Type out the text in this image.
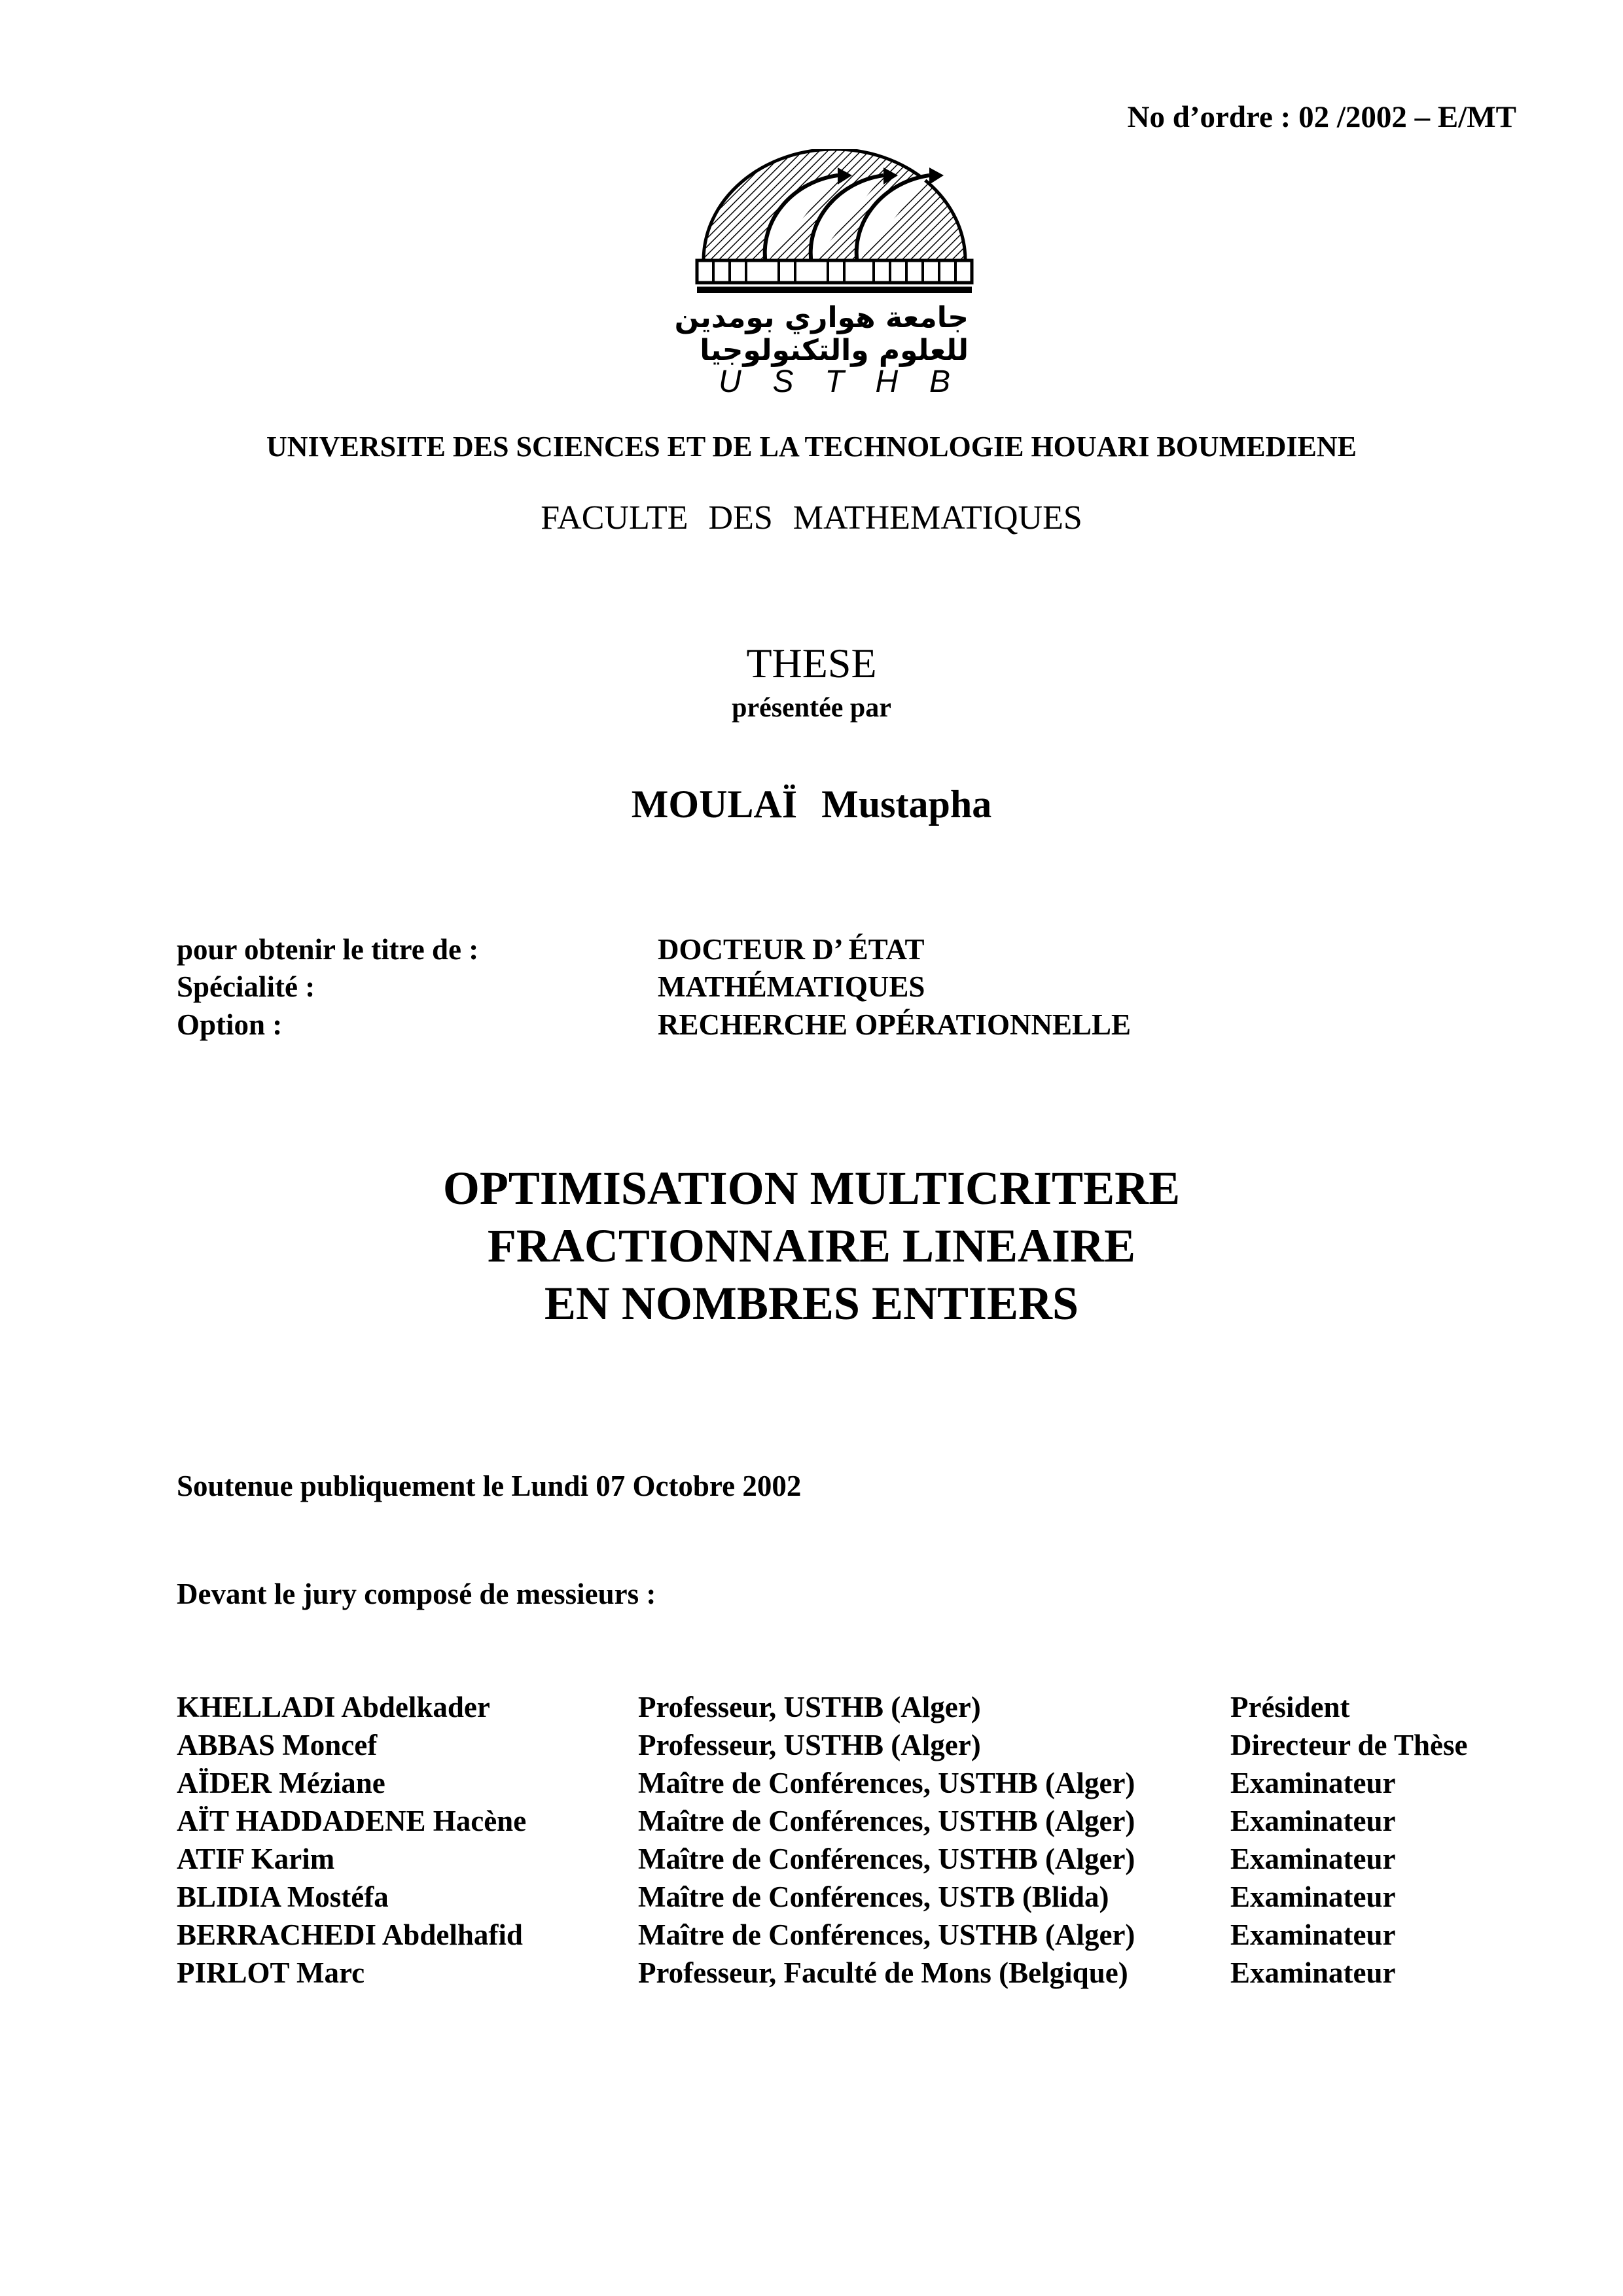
No d’ordre : 02 /2002 – E/MT
جامعة هواري بومدين
للعلوم والتكنولوجيا
U S T H B
UNIVERSITE DES SCIENCES ET DE LA TECHNOLOGIE HOUARI BOUMEDIENE
FACULTE DES MATHEMATIQUES
THESE
présentée par
MOULAÏ Mustapha
pour obtenir le titre de :	DOCTEUR D’ ÉTAT
Spécialité :	MATHÉMATIQUES
Option :	RECHERCHE OPÉRATIONNELLE
OPTIMISATION MULTICRITERE
FRACTIONNAIRE LINEAIRE
EN NOMBRES ENTIERS
Soutenue publiquement le Lundi 07 Octobre 2002
Devant le jury composé de messieurs :
KHELLADI Abdelkader	Professeur, USTHB (Alger)	Président
ABBAS Moncef	Professeur, USTHB (Alger)	Directeur de Thèse
AÏDER Méziane	Maître de Conférences, USTHB (Alger)	Examinateur
AÏT HADDADENE Hacène	Maître de Conférences, USTHB (Alger)	Examinateur
ATIF Karim	Maître de Conférences, USTHB (Alger)	Examinateur
BLIDIA Mostéfa	Maître de Conférences, USTB (Blida)	Examinateur
BERRACHEDI Abdelhafid	Maître de Conférences, USTHB (Alger)	Examinateur
PIRLOT Marc	Professeur, Faculté de Mons (Belgique)	Examinateur
